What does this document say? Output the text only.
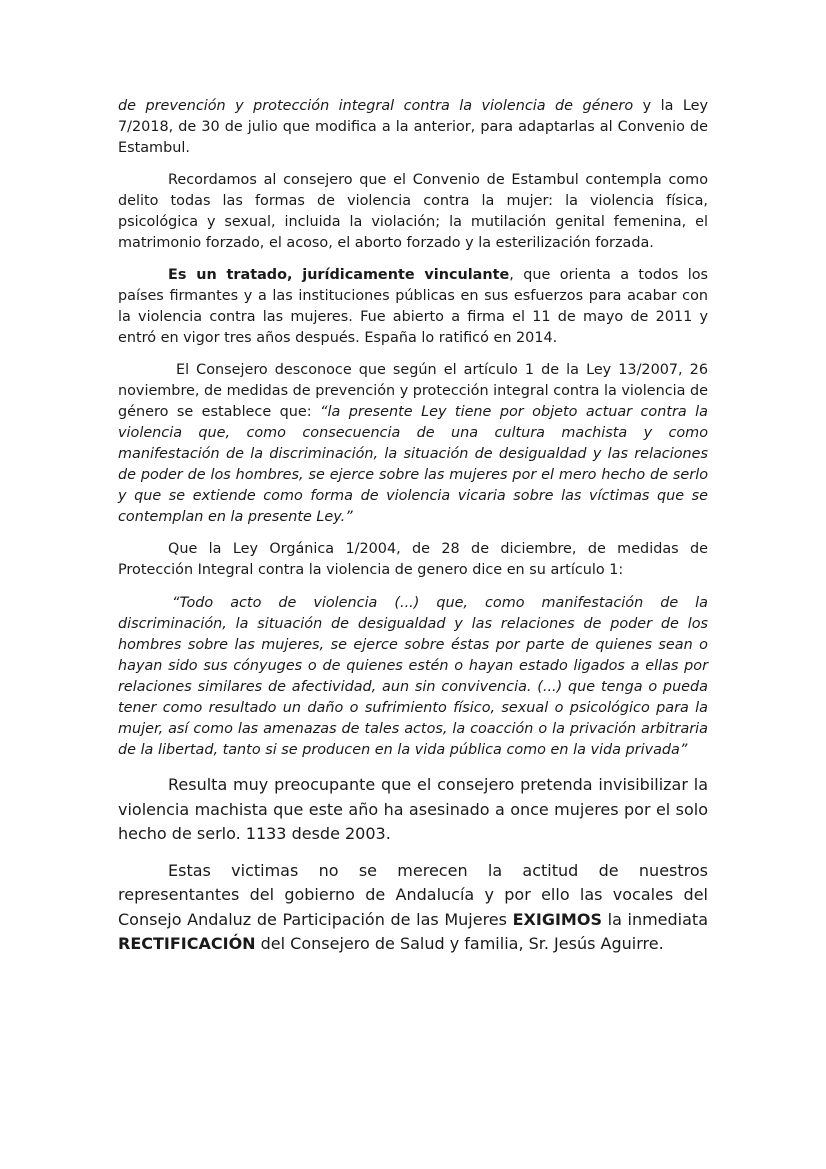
de prevención y protección integral contra la violencia de género y la Ley 7/2018, de 30 de julio que modifica a la anterior, para adaptarlas al Convenio de Estambul.

Recordamos al consejero que el Convenio de Estambul contempla como delito todas las formas de violencia contra la mujer: la violencia física, psicológica y sexual, incluida la violación; la mutilación genital femenina, el matrimonio forzado, el acoso, el aborto forzado y la esterilización forzada.

Es un tratado, jurídicamente vinculante, que orienta a todos los países firmantes y a las instituciones públicas en sus esfuerzos para acabar con la violencia contra las mujeres. Fue abierto a firma el 11 de mayo de 2011 y entró en vigor tres años después. España lo ratificó en 2014.

El Consejero desconoce que según el artículo 1 de la Ley 13/2007, 26 noviembre, de medidas de prevención y protección integral contra la violencia de género se establece que: “la presente Ley tiene por objeto actuar contra la violencia que, como consecuencia de una cultura machista y como manifestación de la discriminación, la situación de desigualdad y las relaciones de poder de los hombres, se ejerce sobre las mujeres por el mero hecho de serlo y que se extiende como forma de violencia vicaria sobre las víctimas que se contemplan en la presente Ley.”

Que la Ley Orgánica 1/2004, de 28 de diciembre, de medidas de Protección Integral contra la violencia de genero dice en su artículo 1:

“Todo acto de violencia (...) que, como manifestación de la discriminación, la situación de desigualdad y las relaciones de poder de los hombres sobre las mujeres, se ejerce sobre éstas por parte de quienes sean o hayan sido sus cónyuges o de quienes estén o hayan estado ligados a ellas por relaciones similares de afectividad, aun sin convivencia. (...) que tenga o pueda tener como resultado un daño o sufrimiento físico, sexual o psicológico para la mujer, así como las amenazas de tales actos, la coacción o la privación arbitraria de la libertad, tanto si se producen en la vida pública como en la vida privada”

Resulta muy preocupante que el consejero pretenda invisibilizar la violencia machista que este año ha asesinado a once mujeres por el solo hecho de serlo. 1133 desde 2003.

Estas victimas no se merecen la actitud de nuestros representantes del gobierno de Andalucía y por ello las vocales del Consejo Andaluz de Participación de las Mujeres EXIGIMOS la inmediata RECTIFICACIÓN del Consejero de Salud y familia, Sr. Jesús Aguirre.
